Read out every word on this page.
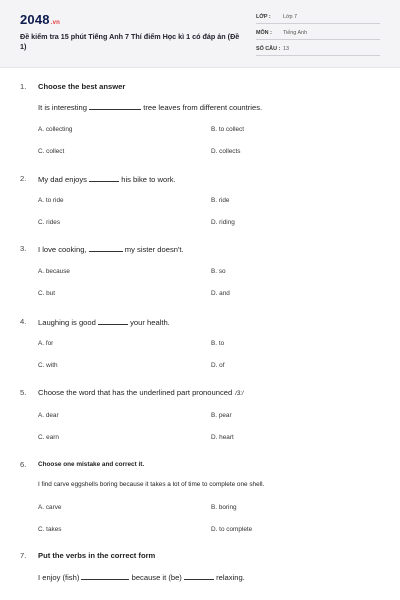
2048.vn
Đề kiểm tra 15 phút Tiếng Anh 7 Thí điểm Học kì 1 có đáp án (Đề 1)
LỚP : Lớp 7
MÔN : Tiếng Anh
SỐ CÂU : 13
1. Choose the best answer
It is interesting	tree leaves from different countries.
A. collecting	B. to collect
C. collect	D. collects
2. My dad enjoys	his bike to work.
A. to ride	B. ride
C. rides	D. riding
3. I love cooking,	my sister doesn't.
A. because	B. so
C. but	D. and
4. Laughing is good	your health.
A. for	B. to
C. with	D. of
5. Choose the word that has the underlined part pronounced /3:/
A. dear	B. pear
C. earn	D. heart
6. Choose one mistake and correct it.
I find carve eggshells boring because it takes a lot of time to complete one shell.
A. carve	B. boring
C. takes	D. to complete
7. Put the verbs in the correct form
I enjoy (fish)	because it (be)	relaxing.
